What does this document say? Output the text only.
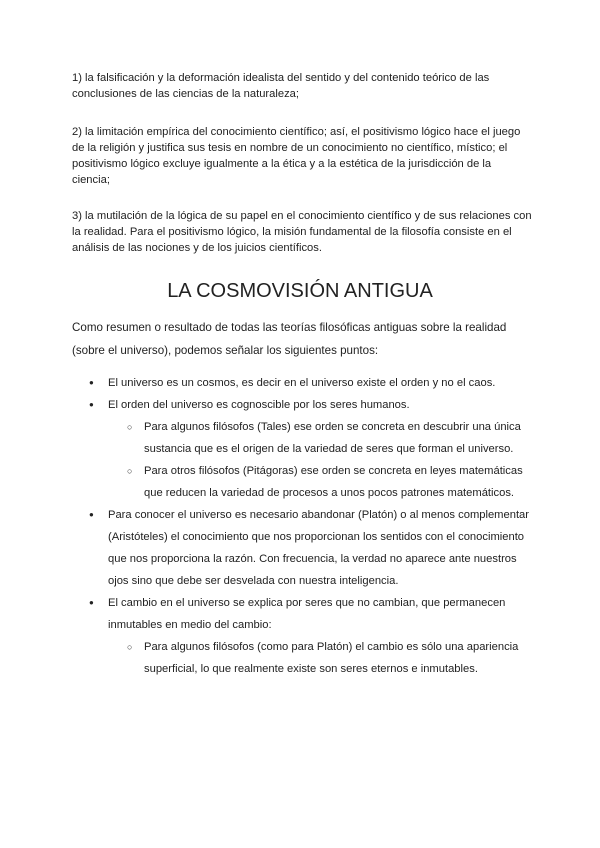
1) la falsificación y la deformación idealista del sentido y del contenido teórico de las conclusiones de las ciencias de la naturaleza;

2) la limitación empírica del conocimiento científico; así, el positivismo lógico hace el juego de la religión y justifica sus tesis en nombre de un conocimiento no científico, místico; el positivismo lógico excluye igualmente a la ética y a la estética de la jurisdicción de la ciencia;

3) la mutilación de la lógica de su papel en el conocimiento científico y de sus relaciones con la realidad. Para el positivismo lógico, la misión fundamental de la filosofía consiste en el análisis de las nociones y de los juicios científicos.

LA COSMOVISIÓN ANTIGUA

Como resumen o resultado de todas las teorías filosóficas antiguas sobre la realidad (sobre el universo), podemos señalar los siguientes puntos:

● El universo es un cosmos, es decir en el universo existe el orden y no el caos.
● El orden del universo es cognoscible por los seres humanos.
○ Para algunos filósofos (Tales) ese orden se concreta en descubrir una única sustancia que es el origen de la variedad de seres que forman el universo.
○ Para otros filósofos (Pitágoras) ese orden se concreta en leyes matemáticas que reducen la variedad de procesos a unos pocos patrones matemáticos.
● Para conocer el universo es necesario abandonar (Platón) o al menos complementar (Aristóteles) el conocimiento que nos proporcionan los sentidos con el conocimiento que nos proporciona la razón. Con frecuencia, la verdad no aparece ante nuestros ojos sino que debe ser desvelada con nuestra inteligencia.
● El cambio en el universo se explica por seres que no cambian, que permanecen inmutables en medio del cambio:
○ Para algunos filósofos (como para Platón) el cambio es sólo una apariencia superficial, lo que realmente existe son seres eternos e inmutables.
